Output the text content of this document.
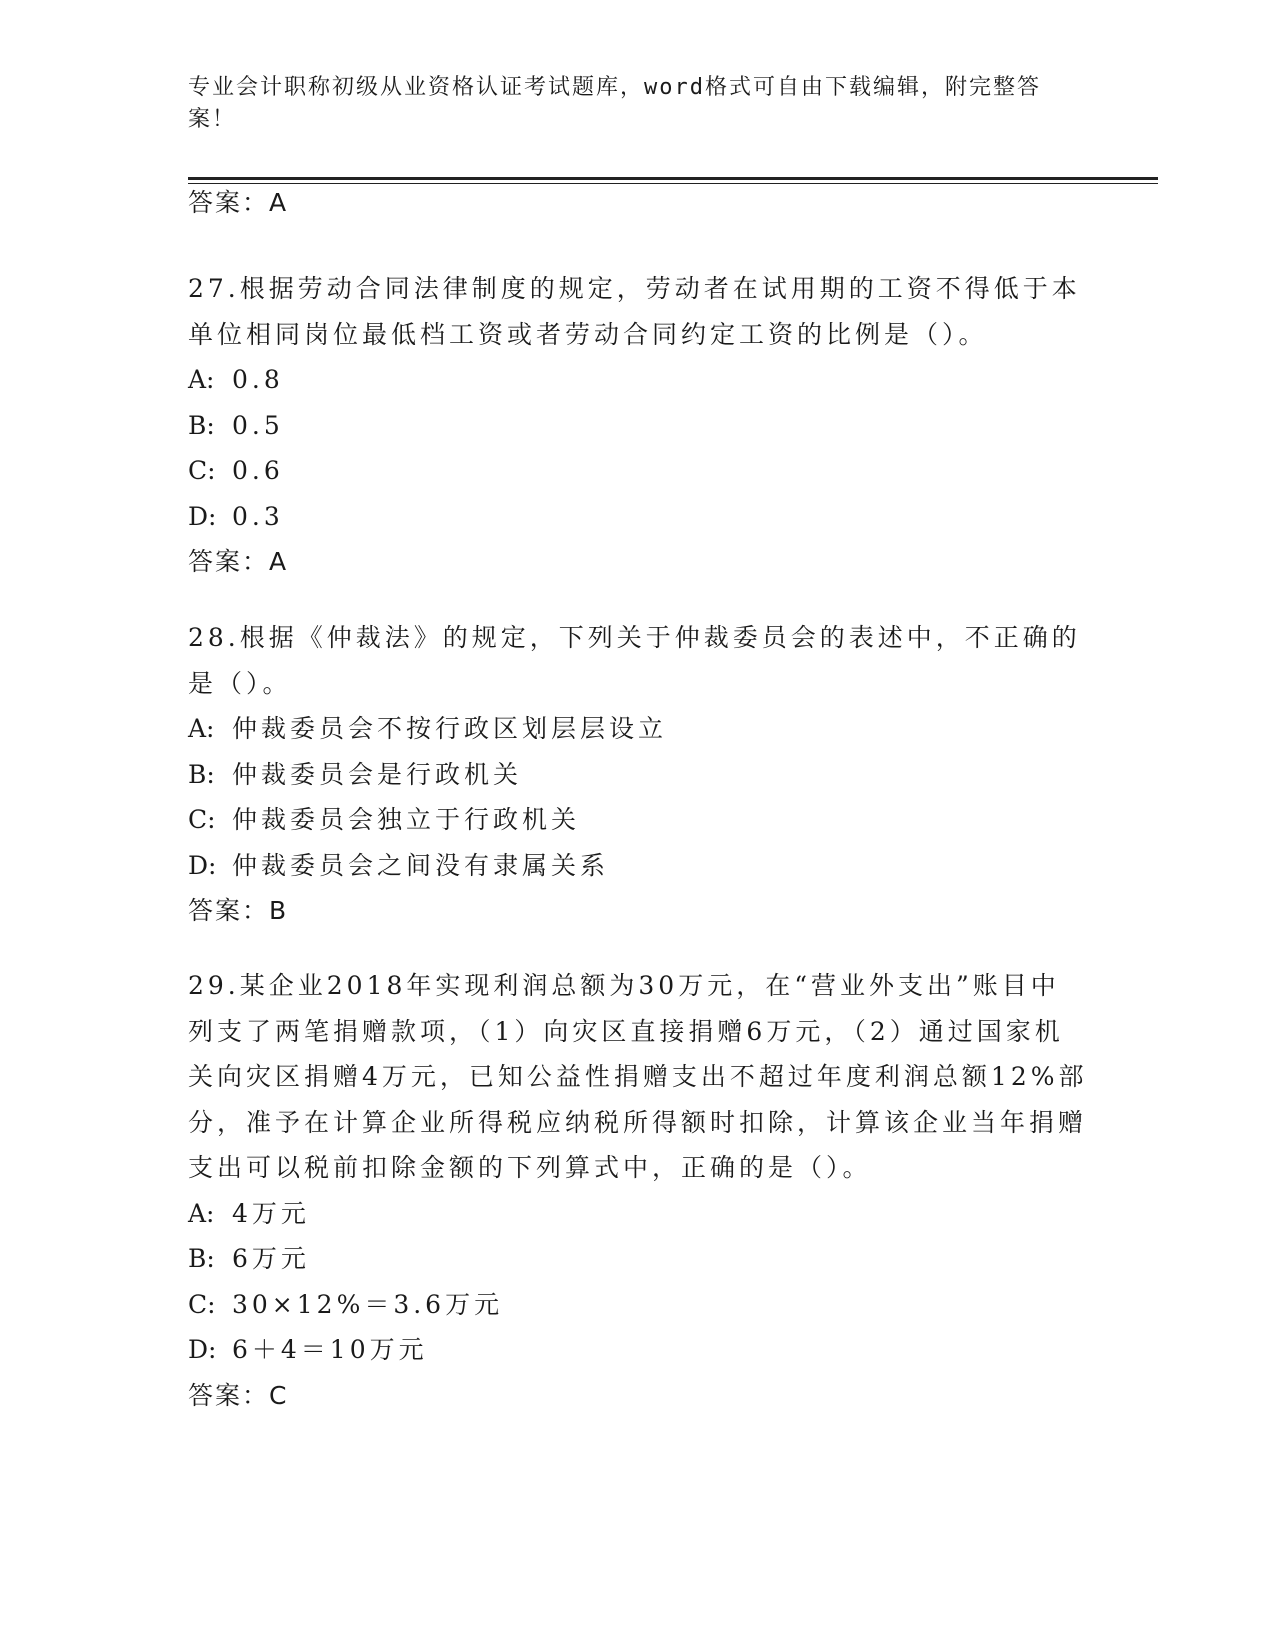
专业会计职称初级从业资格认证考试题库，word格式可自由下载编辑，附完整答案！
答案：A
27.根据劳动合同法律制度的规定，劳动者在试用期的工资不得低于本单位相同岗位最低档工资或者劳动合同约定工资的比例是（）。
A: 0.8
B: 0.5
C: 0.6
D: 0.3
答案：A
28.根据《仲裁法》的规定，下列关于仲裁委员会的表述中，不正确的是（）。
A: 仲裁委员会不按行政区划层层设立
B: 仲裁委员会是行政机关
C: 仲裁委员会独立于行政机关
D: 仲裁委员会之间没有隶属关系
答案：B
29.某企业2018年实现利润总额为30万元，在“营业外支出”账目中列支了两笔捐赠款项，（1）向灾区直接捐赠6万元，（2）通过国家机关向灾区捐赠4万元，已知公益性捐赠支出不超过年度利润总额12%部分，准予在计算企业所得税应纳税所得额时扣除，计算该企业当年捐赠支出可以税前扣除金额的下列算式中，正确的是（）。
A: 4万元
B: 6万元
C: 30×12%＝3.6万元
D: 6＋4＝10万元
答案：C
